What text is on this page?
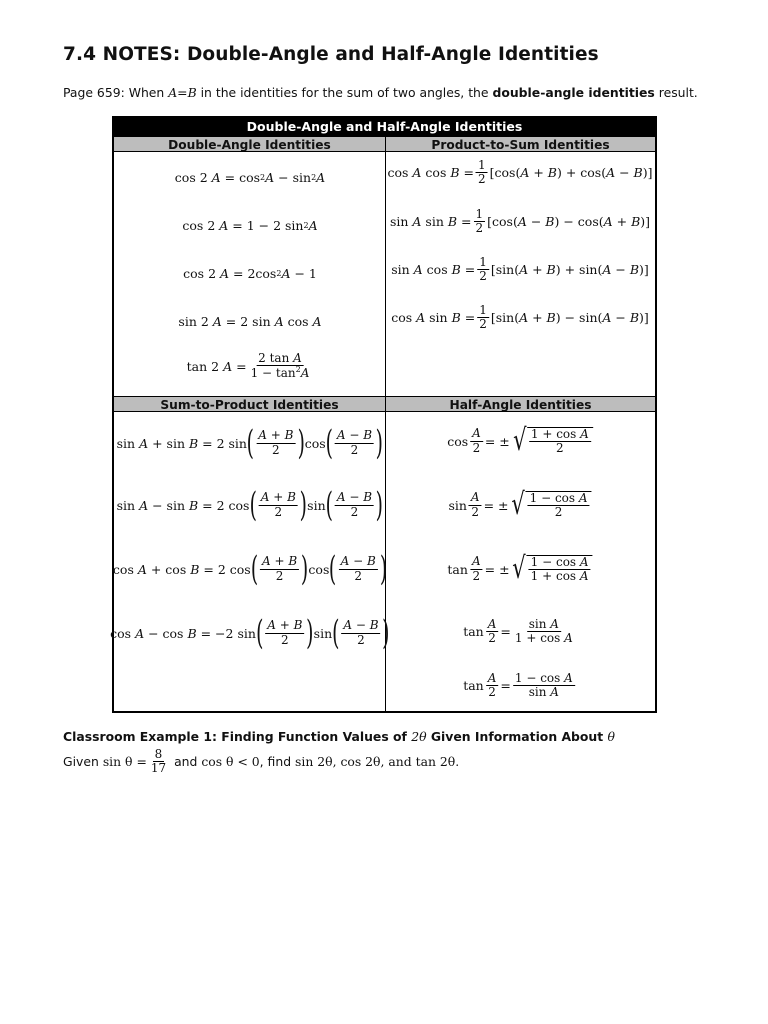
7.4 NOTES: Double-Angle and Half-Angle Identities
Page 659: When A=B in the identities for the sum of two angles, the double-angle identities result.
Double-Angle and Half-Angle Identities
Double-Angle Identities	Product-to-Sum Identities
Sum-to-Product Identities	Half-Angle Identities
cos 2 A = cos 2 A − sin 2 A
cos 2 A = 1 − 2 sin 2 A
cos 2 A = 2cos 2 A − 1
sin 2 A = 2 sin A cos A
tan 2 $A = \frac{\text{2 tan A}}{1 - \tan^2A}$
cos A $\cos B = \frac{1}{2} [\cos$( A + B ) + cos( A − B )]
sin A $\sin B = \frac{1}{2} [\cos$( A − B ) − cos( A + B )]
sin A $\cos B = \frac{1}{2} [\sin$( A + B ) + sin( A − B )]
cos A $\sin B = \frac{1}{2} [\sin$( A + B ) − sin( A − B )]
sin A + sin B = 2 sin ( $\frac{A + B}{2}$ ) cos ( $\frac{A - B}{2}$ )
sin A − sin B = 2 cos ( $\frac{A + B}{2}$ ) sin ( $\frac{A - B}{2}$ )
cos A + cos B = 2 cos ( $\frac{A + B}{2}$ ) cos ( $\frac{A - B}{2}$ )
cos A − cos B = −2 sin ( $\frac{A + B}{2}$ ) sin ( $\frac{A - B}{2}$ )
$\cos \frac{A}{2}$ = ± √ $\frac{\text{1 + cos A}}{2}$
$\sin \frac{A}{2}$ = ± √ $\frac{\text{1 − cos A}}{2}$
$\tan \frac{A}{2}$ = ± √ $\frac{\text{1 − cos A}}{\text{1 + cos A}}$
$\tan \frac{A}{2} = \frac{\text{sin A}}{\text{1 + cos A}}$
$\tan \frac{A}{2} = \frac{\text{1 − cos A}}{\text{sin A}}$
Classroom Example 1: Finding Function Values of 2θ Given Information About θ
Given
$\sin \theta = \frac{8}{17}$
and
cos θ < 0 , find
sin 2θ, cos 2θ, and tan 2θ.
